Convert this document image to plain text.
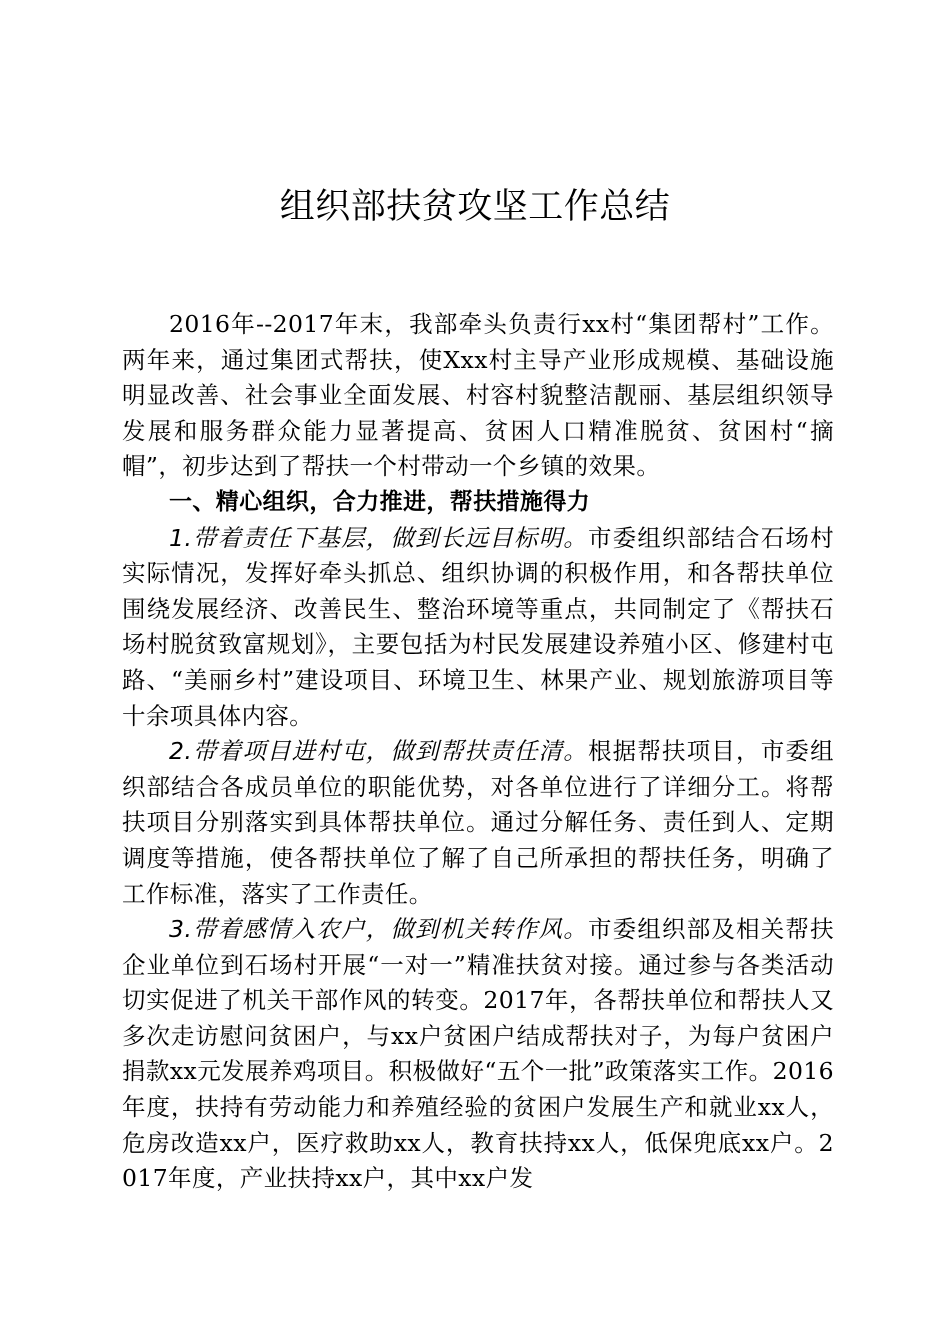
组织部扶贫攻坚工作总结

2016年--2017年末，我部牵头负责行xx村“集团帮村”工作。两年来，通过集团式帮扶，使Xxx村主导产业形成规模、基础设施明显改善、社会事业全面发展、村容村貌整洁靓丽、基层组织领导发展和服务群众能力显著提高、贫困人口精准脱贫、贫困村“摘帽”，初步达到了帮扶一个村带动一个乡镇的效果。

一、精心组织，合力推进，帮扶措施得力

1.带着责任下基层，做到长远目标明。市委组织部结合石场村实际情况，发挥好牵头抓总、组织协调的积极作用，和各帮扶单位围绕发展经济、改善民生、整治环境等重点，共同制定了《帮扶石场村脱贫致富规划》，主要包括为村民发展建设养殖小区、修建村屯路、“美丽乡村”建设项目、环境卫生、林果产业、规划旅游项目等十余项具体内容。

2.带着项目进村屯，做到帮扶责任清。根据帮扶项目，市委组织部结合各成员单位的职能优势，对各单位进行了详细分工。将帮扶项目分别落实到具体帮扶单位。通过分解任务、责任到人、定期调度等措施，使各帮扶单位了解了自己所承担的帮扶任务，明确了工作标准，落实了工作责任。

3.带着感情入农户，做到机关转作风。市委组织部及相关帮扶企业单位到石场村开展“一对一”精准扶贫对接。通过参与各类活动切实促进了机关干部作风的转变。2017年，各帮扶单位和帮扶人又多次走访慰问贫困户，与xx户贫困户结成帮扶对子，为每户贫困户捐款xx元发展养鸡项目。积极做好“五个一批”政策落实工作。2016年度，扶持有劳动能力和养殖经验的贫困户发展生产和就业xx人，危房改造xx户，医疗救助xx人，教育扶持xx人，低保兜底xx户。2017年度，产业扶持xx户，其中xx户发
